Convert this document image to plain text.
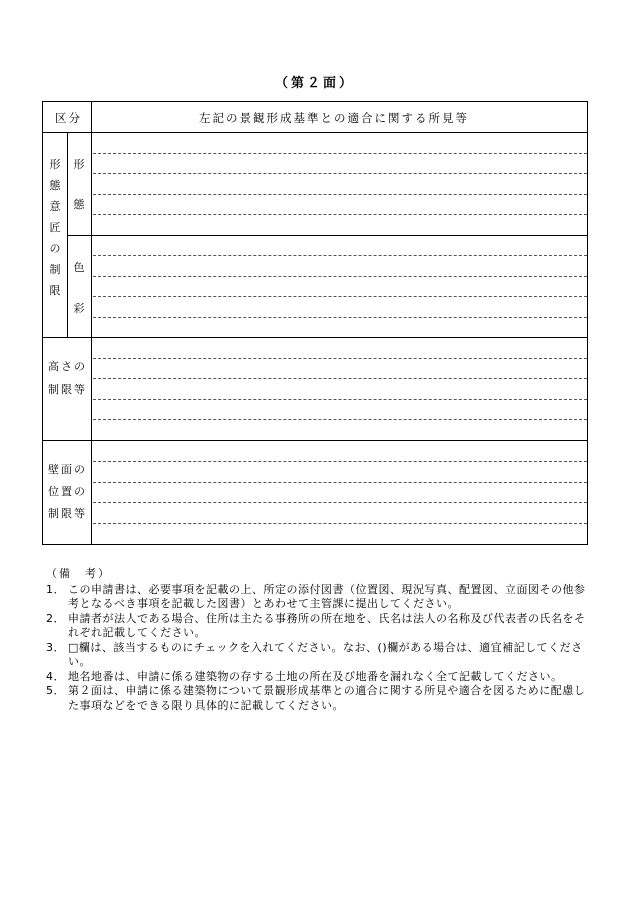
（第２面）
区分	左記の景観形成基準との適合に関する所見等
形
態
意
匠
の
制
限
形
態
色
彩
高さの
制限等
壁面の
位置の
制限等
（備　考）
1． この申請書は、必要事項を記載の上、所定の添付図書（位置図、現況写真、配置図、立面図その他参考となるべき事項を記載した図書）とあわせて主管課に提出してください。
2． 申請者が法人である場合、住所は主たる事務所の所在地を、氏名は法人の名称及び代表者の氏名をそれぞれ記載してください。
3． □欄は、該当するものにチェックを入れてください。なお、()欄がある場合は、適宜補記してください。
4． 地名地番は、申請に係る建築物の存する土地の所在及び地番を漏れなく全て記載してください。
5． 第２面は、申請に係る建築物について景観形成基準との適合に関する所見や適合を図るために配慮した事項などをできる限り具体的に記載してください。
